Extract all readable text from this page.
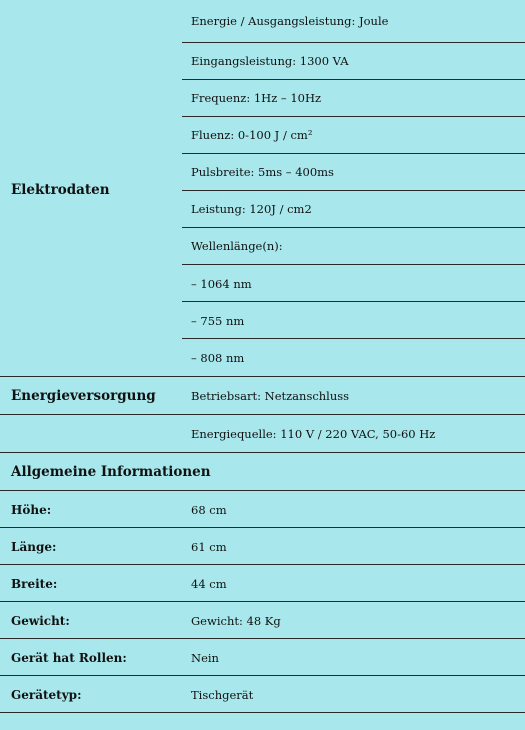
Elektrodaten
Energie / Ausgangsleistung: Joule
Eingangsleistung: 1300 VA
Frequenz: 1Hz – 10Hz
Fluenz: 0-100 J / cm²
Pulsbreite: 5ms – 400ms
Leistung: 120J / cm2
Wellenlänge(n):
– 1064 nm
– 755 nm
– 808 nm
Energieversorgung	Betriebsart: Netzanschluss
Energiequelle: 110 V / 220 VAC, 50-60 Hz
Allgemeine Informationen
Höhe:	68 cm
Länge:	61 cm
Breite:	44 cm
Gewicht:	Gewicht: 48 Kg
Gerät hat Rollen:	Nein
Gerätetyp:	Tischgerät
